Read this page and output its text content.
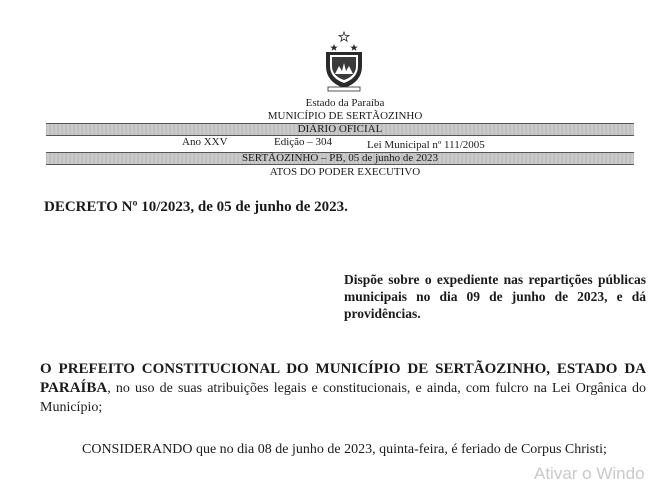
Estado da Paraíba
MUNICÍPIO DE SERTÃOZINHO
DIÁRIO OFICIAL
Ano XXV	Edição – 304	Lei Municipal nº 111/2005
SERTÃOZINHO – PB, 05 de junho de 2023
ATOS DO PODER EXECUTIVO
DECRETO Nº 10/2023, de 05 de junho de 2023.
Dispõe sobre o expediente nas repartições públicas municipais no dia 09 de junho de 2023, e dá providências.
O PREFEITO CONSTITUCIONAL DO MUNICÍPIO DE SERTÃOZINHO, ESTADO DA PARAÍBA, no uso de suas atribuições legais e constitucionais, e ainda, com fulcro na Lei Orgânica do Município;
CONSIDERANDO que no dia 08 de junho de 2023, quinta-feira, é feriado de Corpus Christi;
Ativar o Windo
